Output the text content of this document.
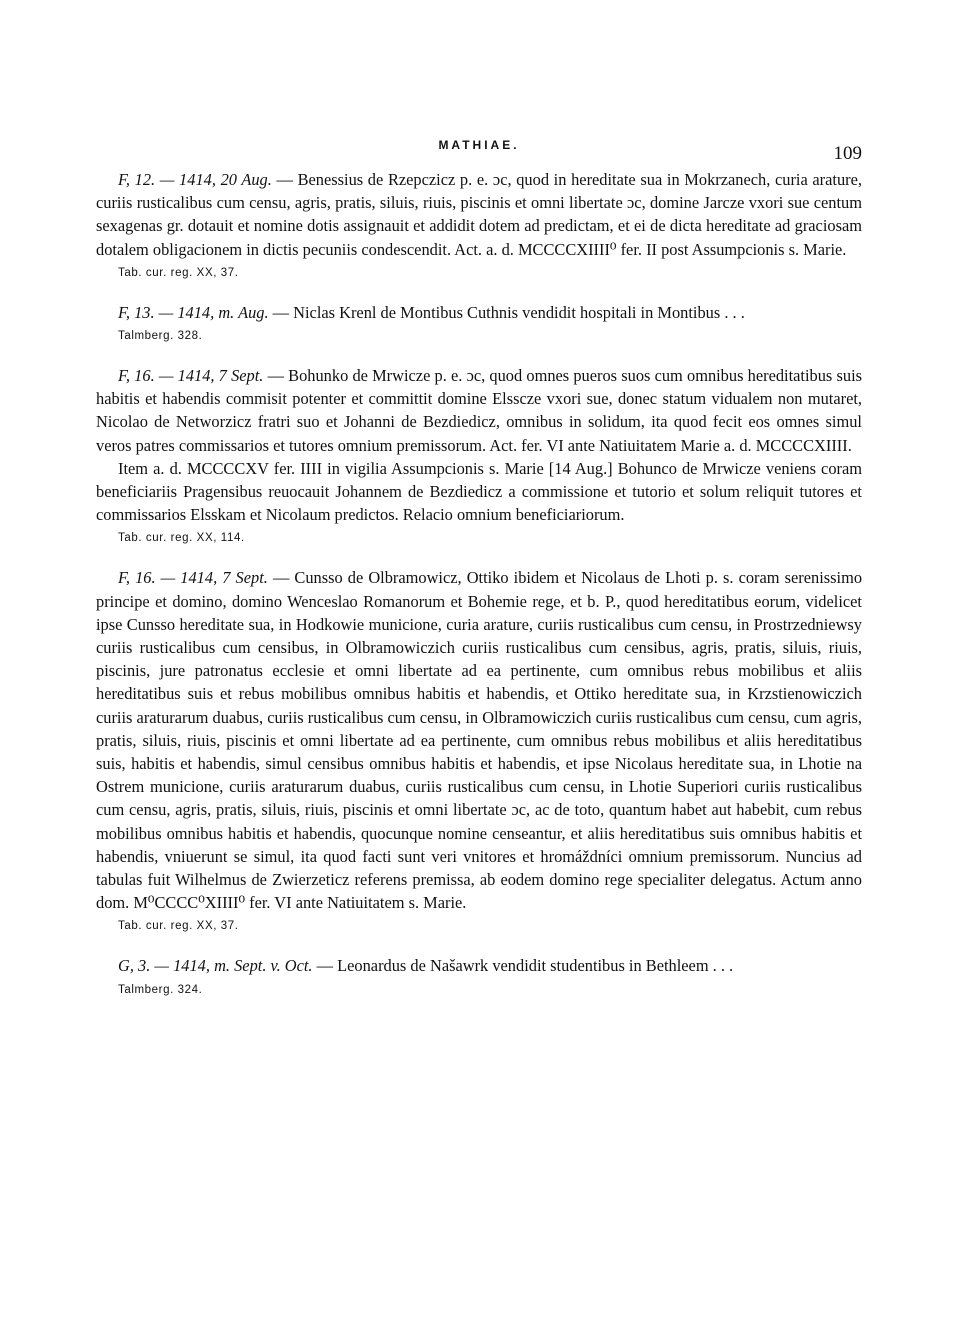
MATHIAE.	109

F, 12. — 1414, 20 Aug. — Benessius de Rzepczicz p. e. ɔc, quod in hereditate sua in Mokrzanech, curia arature, curiis rusticalibus cum censu, agris, pratis, siluis, riuis, piscinis et omni libertate ɔc, domine Jarcze vxori sue centum sexagenas gr. dotauit et nomine dotis assignauit et addidit dotem ad predictam, et ei de dicta hereditate ad graciosam dotalem obligacionem in dictis pecuniis condescendit. Act. a. d. MCCCCXIIII⁰ fer. II post Assumpcionis s. Marie.

Tab. cur. reg. XX, 37.

F, 13. — 1414, m. Aug. — Niclas Krenl de Montibus Cuthnis vendidit hospitali in Montibus . . .

Talmberg. 328.

F, 16. — 1414, 7 Sept. — Bohunko de Mrwicze p. e. ɔc, quod omnes pueros suos cum omnibus hereditatibus suis habitis et habendis commisit potenter et committit domine Elsscze vxori sue, donec statum vidualem non mutaret, Nicolao de Networzicz fratri suo et Johanni de Bezdiedicz, omnibus in solidum, ita quod fecit eos omnes simul veros patres commissarios et tutores omnium premissorum. Act. fer. VI ante Natiuitatem Marie a. d. MCCCCXIIII.

Item a. d. MCCCCXV fer. IIII in vigilia Assumpcionis s. Marie [14 Aug.] Bohunco de Mrwicze veniens coram beneficiariis Pragensibus reuocauit Johannem de Bezdiedicz a commissione et tutorio et solum reliquit tutores et commissarios Elsskam et Nicolaum predictos. Relacio omnium beneficiariorum.

Tab. cur. reg. XX, 114.

F, 16. — 1414, 7 Sept. — Cunsso de Olbramowicz, Ottiko ibidem et Nicolaus de Lhoti p. s. coram serenissimo principe et domino, domino Wenceslao Romanorum et Bohemie rege, et b. P., quod hereditatibus eorum, videlicet ipse Cunsso hereditate sua, in Hodkowie municione, curia arature, curiis rusticalibus cum censu, in Prostrzedniewsy curiis rusticalibus cum censibus, in Olbramowiczich curiis rusticalibus cum censibus, agris, pratis, siluis, riuis, piscinis, jure patronatus ecclesie et omni libertate ad ea pertinente, cum omnibus rebus mobilibus et aliis hereditatibus suis et rebus mobilibus omnibus habitis et habendis, et Ottiko hereditate sua, in Krzstienowiczich curiis araturarum duabus, curiis rusticalibus cum censu, in Olbramowiczich curiis rusticalibus cum censu, cum agris, pratis, siluis, riuis, piscinis et omni libertate ad ea pertinente, cum omnibus rebus mobilibus et aliis hereditatibus suis, habitis et habendis, simul censibus omnibus habitis et habendis, et ipse Nicolaus hereditate sua, in Lhotie na Ostrem municione, curiis araturarum duabus, curiis rusticalibus cum censu, in Lhotie Superiori curiis rusticalibus cum censu, agris, pratis, siluis, riuis, piscinis et omni libertate ɔc, ac de toto, quantum habet aut habebit, cum rebus mobilibus omnibus habitis et habendis, quocunque nomine censeantur, et aliis hereditatibus suis omnibus habitis et habendis, vniuerunt se simul, ita quod facti sunt veri vnitores et hromáždníci omnium premissorum. Nuncius ad tabulas fuit Wilhelmus de Zwierzeticz referens premissa, ab eodem domino rege specialiter delegatus. Actum anno dom. M⁰CCCC⁰XIIII⁰ fer. VI ante Natiuitatem s. Marie.

Tab. cur. reg. XX, 37.

G, 3. — 1414, m. Sept. v. Oct. — Leonardus de Našawrk vendidit studentibus in Bethleem . . .

Talmberg. 324.
